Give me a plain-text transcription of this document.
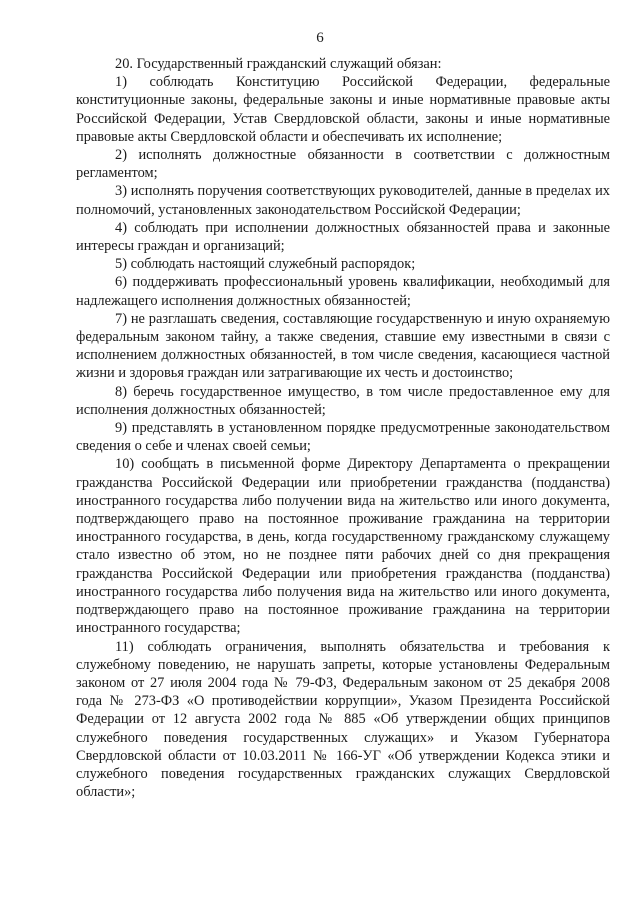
6

20. Государственный гражданский служащий обязан:

1) соблюдать Конституцию Российской Федерации, федеральные конституционные законы, федеральные законы и иные нормативные правовые акты Российской Федерации, Устав Свердловской области, законы и иные нормативные правовые акты Свердловской области и обеспечивать их исполнение;

2) исполнять должностные обязанности в соответствии с должностным регламентом;

3) исполнять поручения соответствующих руководителей, данные в пределах их полномочий, установленных законодательством Российской Федерации;

4) соблюдать при исполнении должностных обязанностей права и законные интересы граждан и организаций;

5) соблюдать настоящий служебный распорядок;

6) поддерживать профессиональный уровень квалификации, необходимый для надлежащего исполнения должностных обязанностей;

7) не разглашать сведения, составляющие государственную и иную охраняемую федеральным законом тайну, а также сведения, ставшие ему известными в связи с исполнением должностных обязанностей, в том числе сведения, касающиеся частной жизни и здоровья граждан или затрагивающие их честь и достоинство;

8) беречь государственное имущество, в том числе предоставленное ему для исполнения должностных обязанностей;

9) представлять в установленном порядке предусмотренные законодательством сведения о себе и членах своей семьи;

10) сообщать в письменной форме Директору Департамента о прекращении гражданства Российской Федерации или приобретении гражданства (подданства) иностранного государства либо получении вида на жительство или иного документа, подтверждающего право на постоянное проживание гражданина на территории иностранного государства, в день, когда государственному гражданскому служащему стало известно об этом, но не позднее пяти рабочих дней со дня прекращения гражданства Российской Федерации или приобретения гражданства (подданства) иностранного государства либо получения вида на жительство или иного документа, подтверждающего право на постоянное проживание гражданина на территории иностранного государства;

11) соблюдать ограничения, выполнять обязательства и требования к служебному поведению, не нарушать запреты, которые установлены Федеральным законом от 27 июля 2004 года № 79-ФЗ, Федеральным законом от 25 декабря 2008 года № 273-ФЗ «О противодействии коррупции», Указом Президента Российской Федерации от 12 августа 2002 года № 885 «Об утверждении общих принципов служебного поведения государственных служащих» и Указом Губернатора Свердловской области от 10.03.2011 № 166-УГ «Об утверждении Кодекса этики и служебного поведения государственных гражданских служащих Свердловской области»;
